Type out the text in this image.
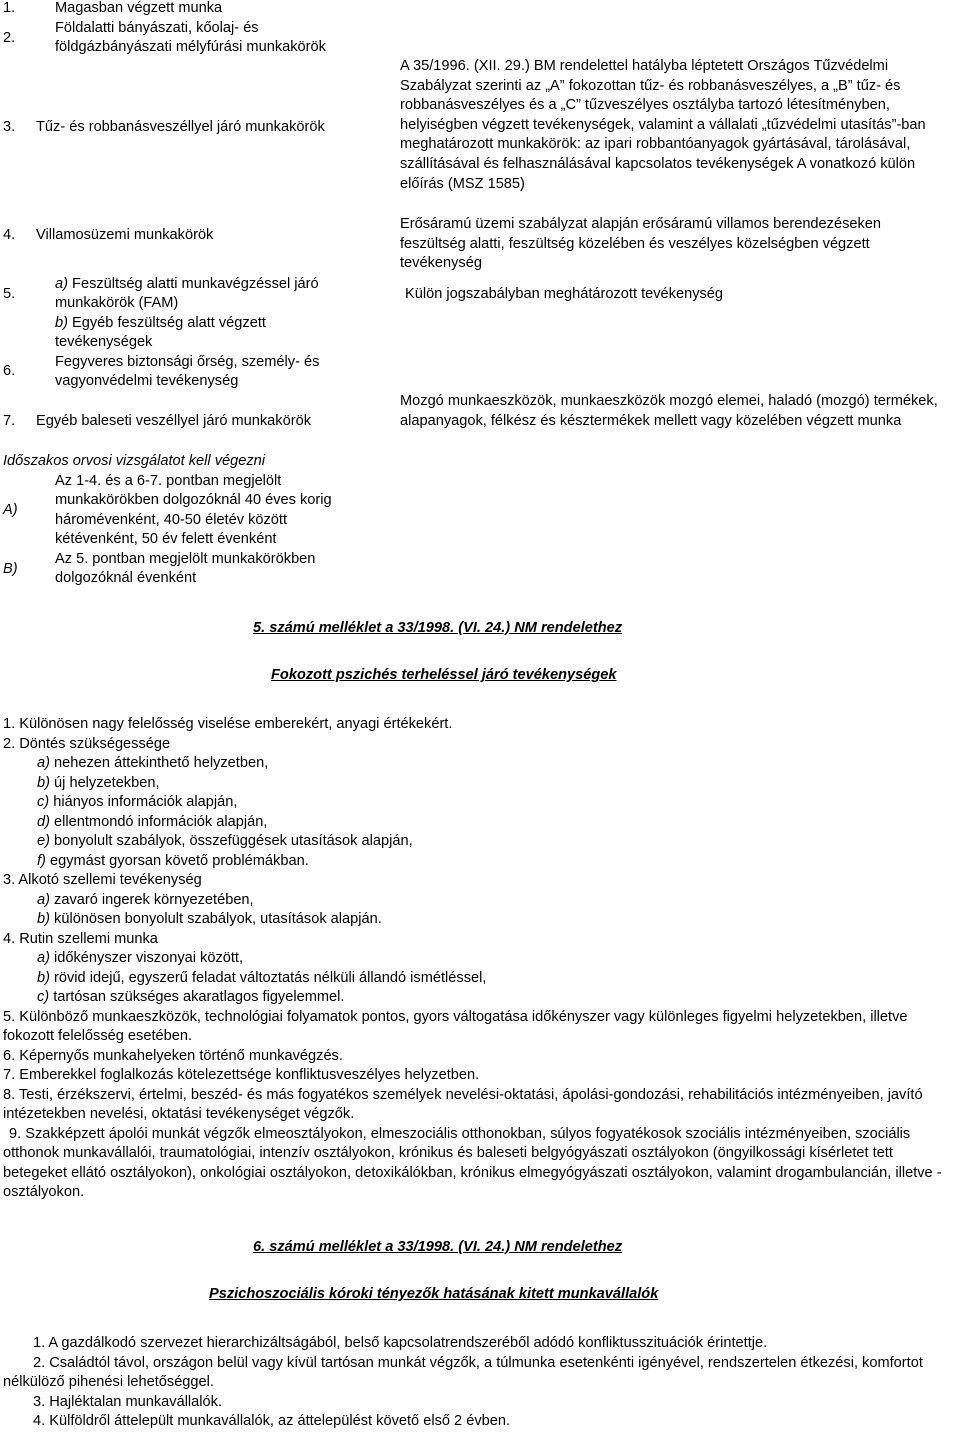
1.	Magasban végzett munka
2.
Földalatti bányászati, kőolaj- és
földgázbányászati mélyfúrási munkakörök
3. Tűz- és robbanásveszéllyel járó munkakörök
A 35/1996. (XII. 29.) BM rendelettel hatályba léptetett Országos Tűzvédelmi Szabályzat szerinti az „A” fokozottan tűz- és robbanásveszélyes, a „B” tűz- és robbanásveszélyes és a „C” tűzveszélyes osztályba tartozó létesítményben, helyiségben végzett tevékenységek, valamint a vállalati „tűzvédelmi utasítás”-ban meghatározott munkakörök: az ipari robbantóanyagok gyártásával, tárolásával, szállításával és felhasználásával kapcsolatos tevékenységek A vonatkozó külön előírás (MSZ 1585)
4. Villamosüzemi munkakörök
Erősáramú üzemi szabályzat alapján erősáramú villamos berendezéseken feszültség alatti, feszültség közelében és veszélyes közelségben végzett tevékenység
5.
a) Feszültség alatti munkavégzéssel járó
munkakörök (FAM)
b) Egyéb feszültség alatt végzett
tevékenységek
Külön jogszabályban meghátározott tevékenység
6.
Fegyveres biztonsági őrség, személy- és
vagyonvédelmi tevékenység
7. Egyéb baleseti veszéllyel járó munkakörök
Mozgó munkaeszközök, munkaeszközök mozgó elemei, haladó (mozgó) termékek, alapanyagok, félkész és késztermékek mellett vagy közelében végzett munka
Időszakos orvosi vizsgálatot kell végezni
A)
Az 1-4. és a 6-7. pontban megjelölt
munkakörökben dolgozóknál 40 éves korig
háromévenként, 40-50 életév között
kétévenként, 50 év felett évenként
B)
Az 5. pontban megjelölt munkakörökben
dolgozóknál évenként
5. számú melléklet a 33/1998. (VI. 24.) NM rendelethez
Fokozott pszichés terheléssel járó tevékenységek
1. Különösen nagy felelősség viselése emberekért, anyagi értékekért.
2. Döntés szükségessége
a) nehezen áttekinthető helyzetben,
b) új helyzetekben,
c) hiányos információk alapján,
d) ellentmondó információk alapján,
e) bonyolult szabályok, összefüggések utasítások alapján,
f) egymást gyorsan követő problémákban.
3. Alkotó szellemi tevékenység
a) zavaró ingerek környezetében,
b) különösen bonyolult szabályok, utasítások alapján.
4. Rutin szellemi munka
a) időkényszer viszonyai között,
b) rövid idejű, egyszerű feladat változtatás nélküli állandó ismétléssel,
c) tartósan szükséges akaratlagos figyelemmel.
5. Különböző munkaeszközök, technológiai folyamatok pontos, gyors váltogatása időkényszer vagy különleges figyelmi helyzetekben, illetve fokozott felelősség esetében.
6. Képernyős munkahelyeken történő munkavégzés.
7. Emberekkel foglalkozás kötelezettsége konfliktusveszélyes helyzetben.
8. Testi, érzékszervi, értelmi, beszéd- és más fogyatékos személyek nevelési-oktatási, ápolási-gondozási, rehabilitációs intézményeiben, javító intézetekben nevelési, oktatási tevékenységet végzők.
9. Szakképzett ápolói munkát végzők elmeosztályokon, elmeszociális otthonokban, súlyos fogyatékosok szociális intézményeiben, szociális otthonok munkavállalói, traumatológiai, intenzív osztályokon, krónikus és baleseti belgyógyászati osztályokon (öngyilkossági kísérletet tett betegeket ellátó osztályokon), onkológiai osztályokon, detoxikálókban, krónikus elmegyógyászati osztályokon, valamint drogambulancián, illetve -osztályokon.
6. számú melléklet a 33/1998. (VI. 24.) NM rendelethez
Pszichoszociális kóroki tényezők hatásának kitett munkavállalók
1. A gazdálkodó szervezet hierarchizáltságából, belső kapcsolatrendszeréből adódó konfliktusszituációk érintettje.
2. Családtól távol, országon belül vagy kívül tartósan munkát végzők, a túlmunka esetenkénti igényével, rendszertelen étkezési, komfortot nélkülöző pihenési lehetőséggel.
3. Hajléktalan munkavállalók.
4. Külföldről áttelepült munkavállalók, az áttelepülést követő első 2 évben.
